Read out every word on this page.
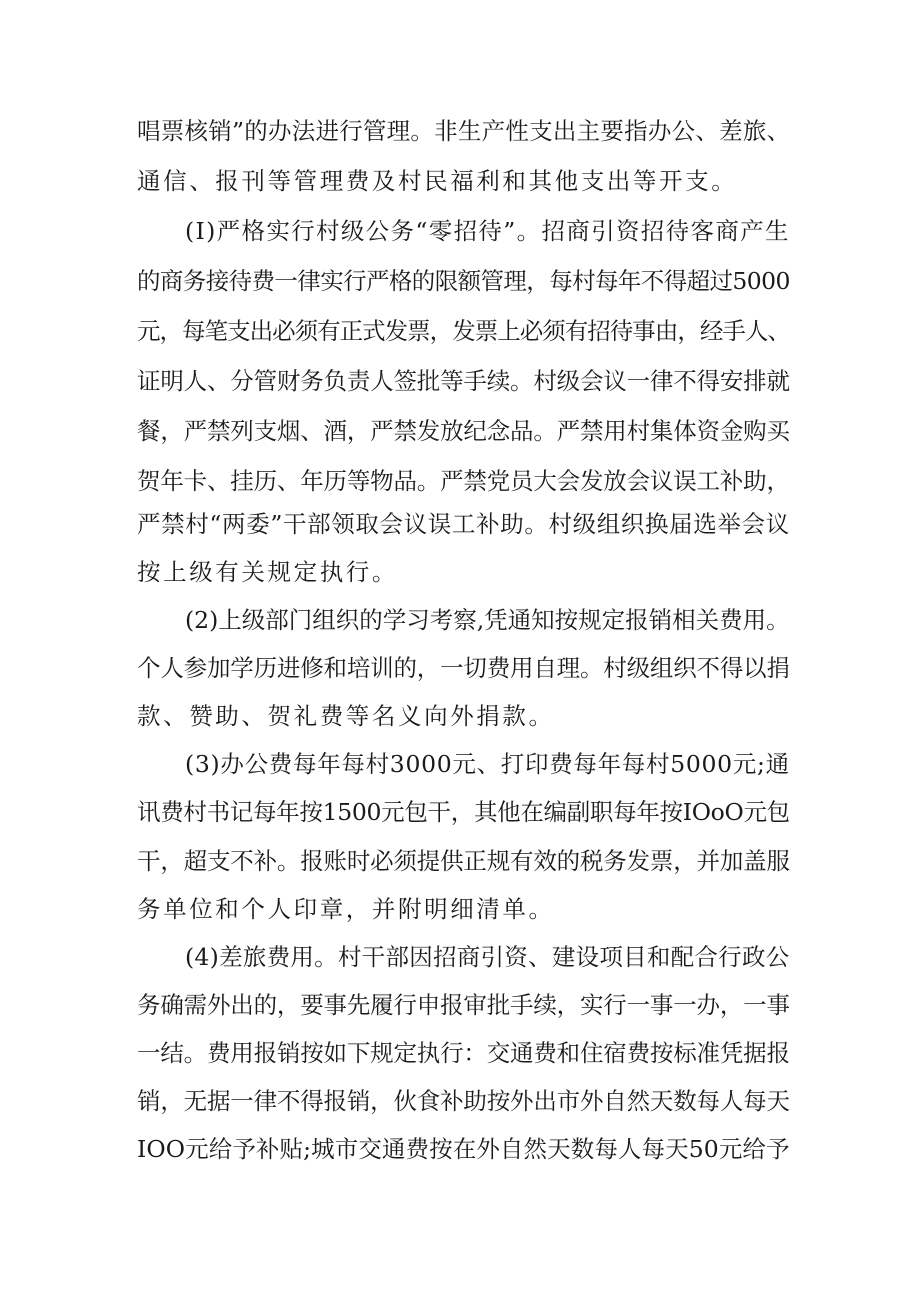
唱票核销”的办法进行管理。非生产性支出主要指办公、差旅、
通信、报刊等管理费及村民福利和其他支出等开支。
(I)严格实行村级公务“零招待”。招商引资招待客商产生
的商务接待费一律实行严格的限额管理，每村每年不得超过5000
元，每笔支出必须有正式发票，发票上必须有招待事由，经手人、
证明人、分管财务负责人签批等手续。村级会议一律不得安排就
餐，严禁列支烟、酒，严禁发放纪念品。严禁用村集体资金购买
贺年卡、挂历、年历等物品。严禁党员大会发放会议误工补助，
严禁村“两委”干部领取会议误工补助。村级组织换届选举会议
按上级有关规定执行。
(2)上级部门组织的学习考察,凭通知按规定报销相关费用。
个人参加学历进修和培训的，一切费用自理。村级组织不得以捐
款、赞助、贺礼费等名义向外捐款。
(3)办公费每年每村3000元、打印费每年每村5000元;通
讯费村书记每年按1500元包干，其他在编副职每年按IOoO元包
干，超支不补。报账时必须提供正规有效的税务发票，并加盖服
务单位和个人印章，并附明细清单。
(4)差旅费用。村干部因招商引资、建设项目和配合行政公
务确需外出的，要事先履行申报审批手续，实行一事一办，一事
一结。费用报销按如下规定执行：交通费和住宿费按标准凭据报
销，无据一律不得报销，伙食补助按外出市外自然天数每人每天
IOO元给予补贴;城市交通费按在外自然天数每人每天50元给予
